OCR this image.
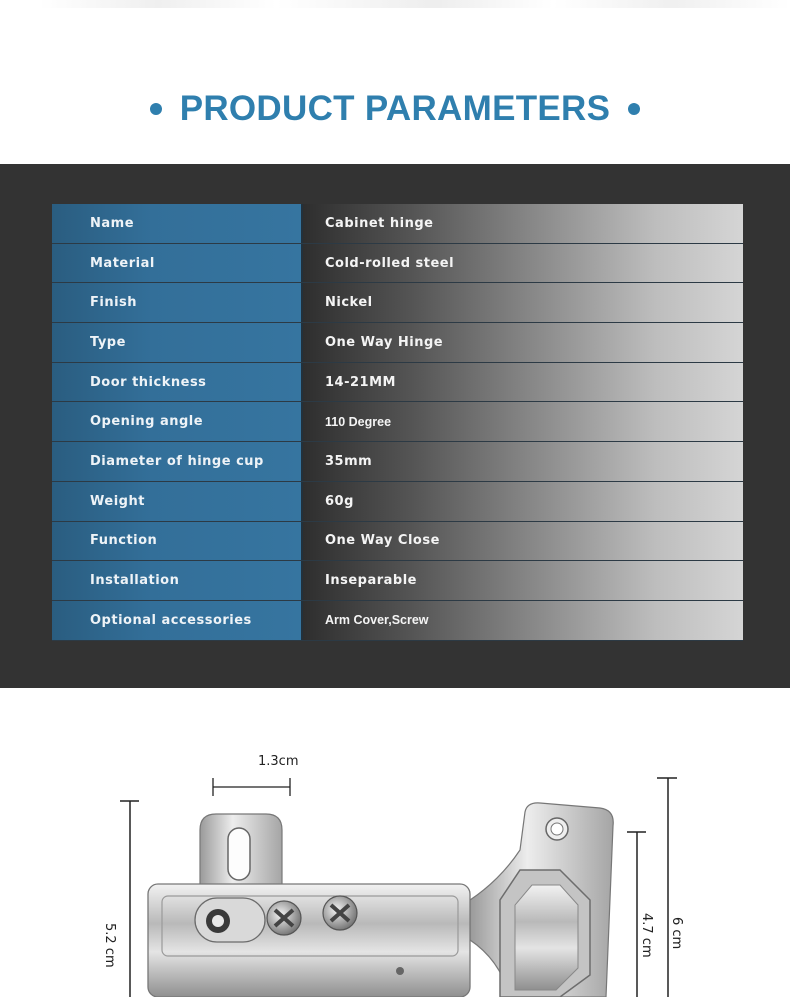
PRODUCT PARAMETERS
Name	Cabinet hinge
Material	Cold-rolled steel
Finish	Nickel
Type	One Way Hinge
Door thickness	14-21MM
Opening angle	110 Degree
Diameter of hinge cup	35mm
Weight	60g
Function	One Way Close
Installation	Inseparable
Optional accessories	Arm Cover,Screw
1.3cm
5.2 cm	6 cm
4.7 cm
